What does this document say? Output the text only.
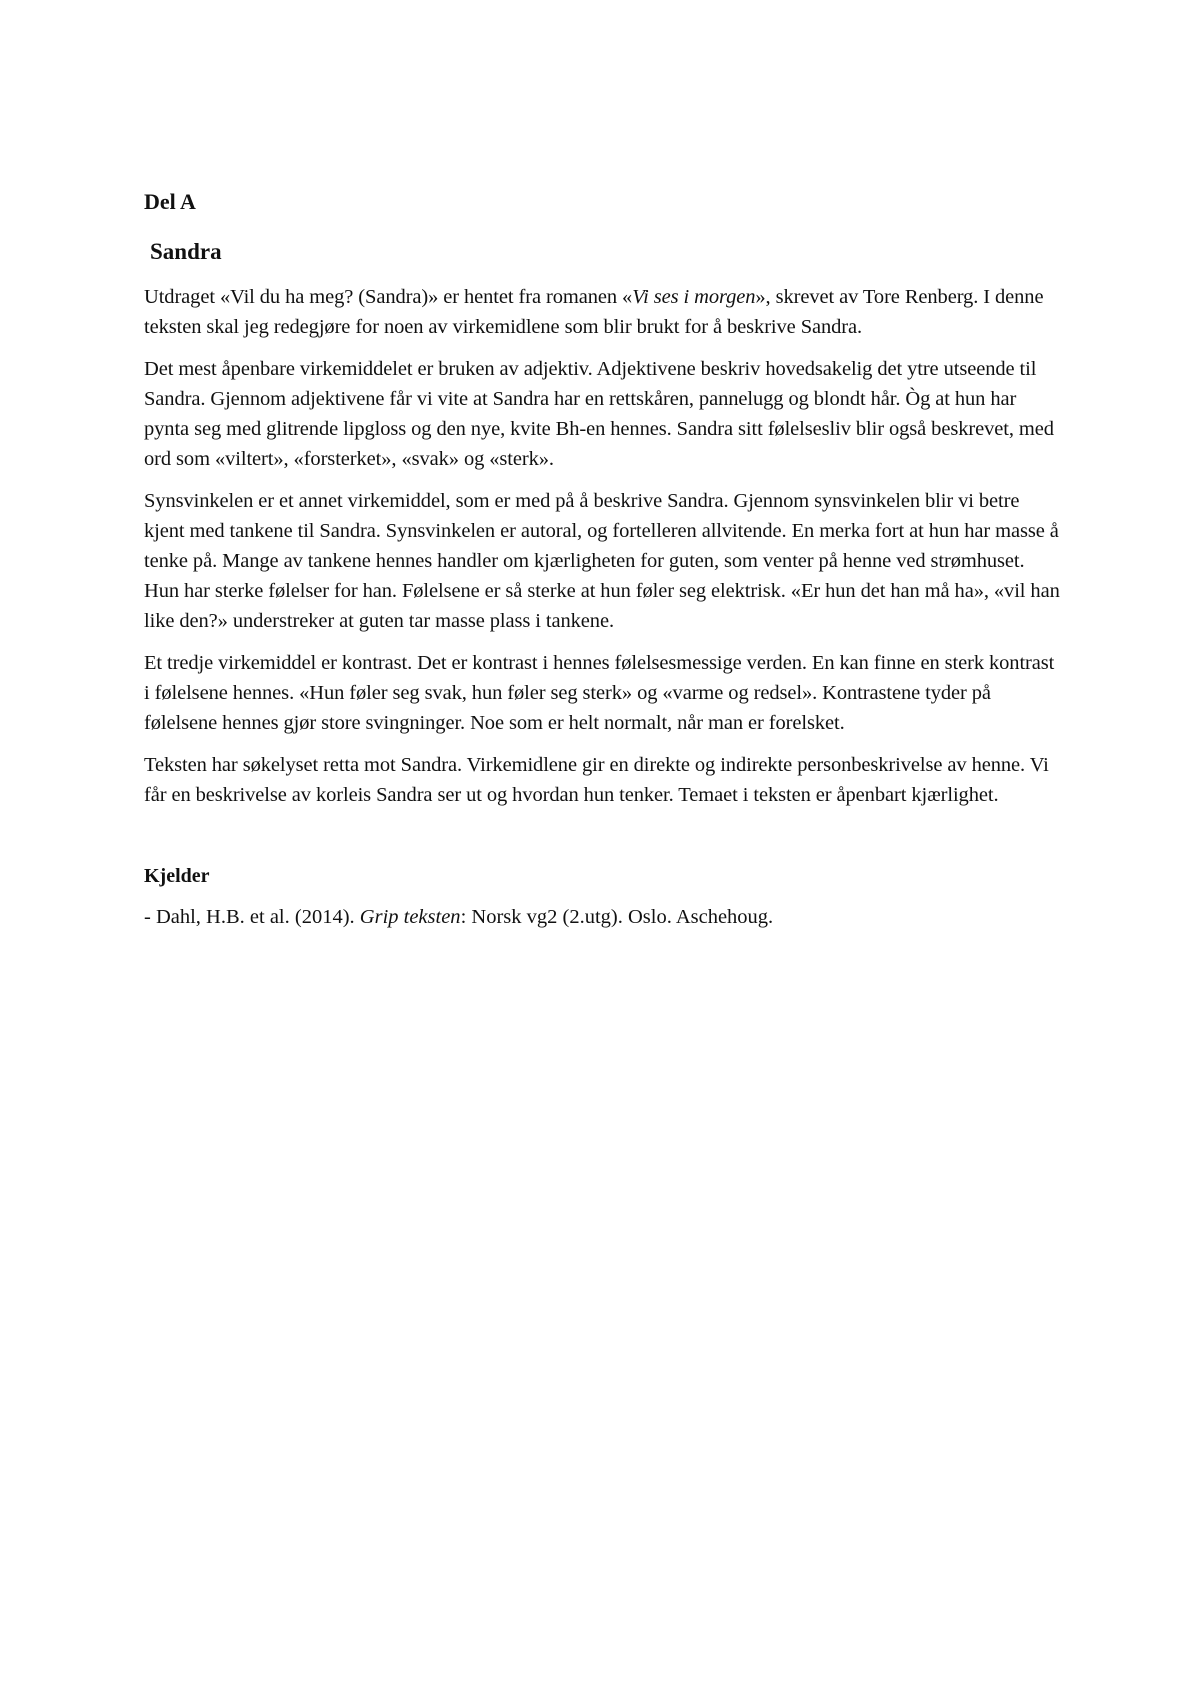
Del A
Sandra

Utdraget «Vil du ha meg? (Sandra)» er hentet fra romanen «Vi ses i morgen», skrevet av Tore Renberg. I denne teksten skal jeg redegjøre for noen av virkemidlene som blir brukt for å beskrive Sandra.

Det mest åpenbare virkemiddelet er bruken av adjektiv. Adjektivene beskriv hovedsakelig det ytre utseende til Sandra. Gjennom adjektivene får vi vite at Sandra har en rettskåren, pannelugg og blondt hår. Òg at hun har pynta seg med glitrende lipgloss og den nye, kvite Bh-en hennes. Sandra sitt følelsesliv blir også beskrevet, med ord som «viltert», «forsterket», «svak» og «sterk».

Synsvinkelen er et annet virkemiddel, som er med på å beskrive Sandra. Gjennom synsvinkelen blir vi betre kjent med tankene til Sandra. Synsvinkelen er autoral, og fortelleren allvitende. En merka fort at hun har masse å tenke på. Mange av tankene hennes handler om kjærligheten for guten, som venter på henne ved strømhuset. Hun har sterke følelser for han. Følelsene er så sterke at hun føler seg elektrisk. «Er hun det han må ha», «vil han like den?» understreker at guten tar masse plass i tankene.

Et tredje virkemiddel er kontrast. Det er kontrast i hennes følelsesmessige verden. En kan finne en sterk kontrast i følelsene hennes. «Hun føler seg svak, hun føler seg sterk» og «varme og redsel». Kontrastene tyder på følelsene hennes gjør store svingninger. Noe som er helt normalt, når man er forelsket.

Teksten har søkelyset retta mot Sandra. Virkemidlene gir en direkte og indirekte personbeskrivelse av henne. Vi får en beskrivelse av korleis Sandra ser ut og hvordan hun tenker. Temaet i teksten er åpenbart kjærlighet.

Kjelder

- Dahl, H.B. et al. (2014). Grip teksten: Norsk vg2 (2.utg). Oslo. Aschehoug.
